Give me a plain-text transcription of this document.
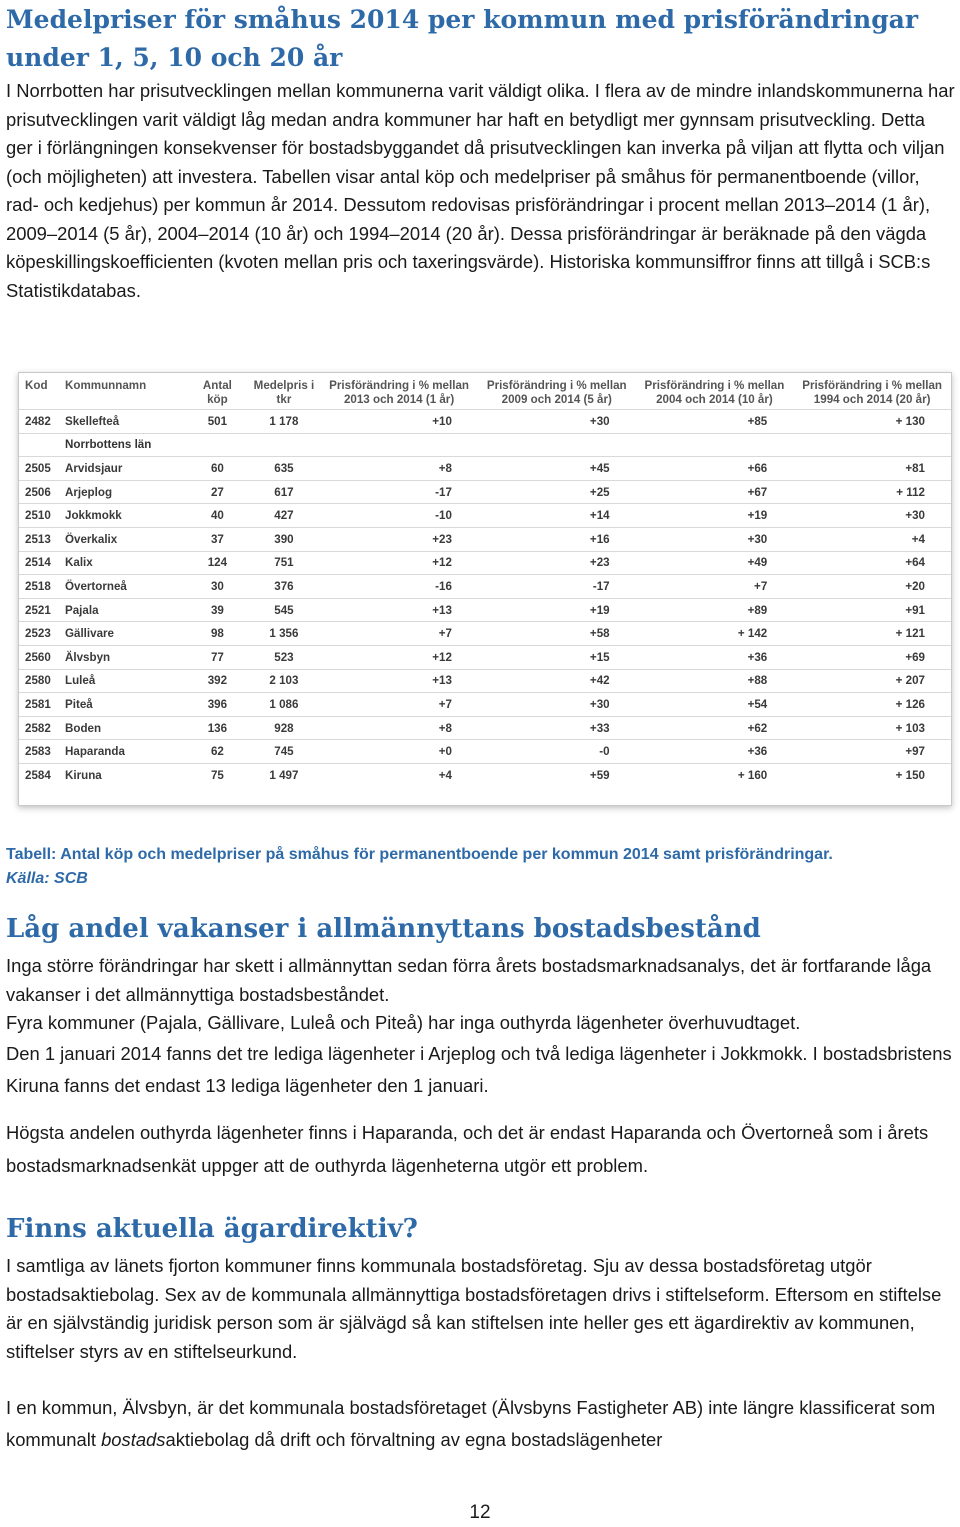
Medelpriser för småhus 2014 per kommun med prisförändringar under 1, 5, 10 och 20 år

I Norrbotten har prisutvecklingen mellan kommunerna varit väldigt olika. I flera av de mindre inlandskommunerna har prisutvecklingen varit väldigt låg medan andra kommuner har haft en betydligt mer gynnsam prisutveckling. Detta ger i förlängningen konsekvenser för bostadsbyggandet då prisutvecklingen kan inverka på viljan att flytta och viljan (och möjligheten) att investera. Tabellen visar antal köp och medelpriser på småhus för permanentboende (villor, rad- och kedjehus) per kommun år 2014. Dessutom redovisas prisförändringar i procent mellan 2013–2014 (1 år), 2009–2014 (5 år), 2004–2014 (10 år) och 1994–2014 (20 år). Dessa prisförändringar är beräknade på den vägda köpeskillingskoefficienten (kvoten mellan pris och taxeringsvärde). Historiska kommunsiffror finns att tillgå i SCB:s Statistikdatabas.

Kod	Kommunnamn	Antal köp	Medelpris i tkr	Prisförändring i % mellan 2013 och 2014 (1 år)	Prisförändring i % mellan 2009 och 2014 (5 år)	Prisförändring i % mellan 2004 och 2014 (10 år)	Prisförändring i % mellan 1994 och 2014 (20 år)
2482	Skellefteå	501	1 178	+10	+30	+85	+ 130
	Norrbottens län						
2505	Arvidsjaur	60	635	+8	+45	+66	+81
2506	Arjeplog	27	617	-17	+25	+67	+ 112
2510	Jokkmokk	40	427	-10	+14	+19	+30
2513	Överkalix	37	390	+23	+16	+30	+4
2514	Kalix	124	751	+12	+23	+49	+64
2518	Övertorneå	30	376	-16	-17	+7	+20
2521	Pajala	39	545	+13	+19	+89	+91
2523	Gällivare	98	1 356	+7	+58	+ 142	+ 121
2560	Älvsbyn	77	523	+12	+15	+36	+69
2580	Luleå	392	2 103	+13	+42	+88	+ 207
2581	Piteå	396	1 086	+7	+30	+54	+ 126
2582	Boden	136	928	+8	+33	+62	+ 103
2583	Haparanda	62	745	+0	-0	+36	+97
2584	Kiruna	75	1 497	+4	+59	+ 160	+ 150
Tabell: Antal köp och medelpriser på småhus för permanentboende per kommun 2014 samt prisförändringar.
Källa: SCB
Låg andel vakanser i allmännyttans bostadsbestånd

Inga större förändringar har skett i allmännyttan sedan förra årets bostadsmarknadsanalys, det är fortfarande låga vakanser i det allmännyttiga bostadsbeståndet.

Fyra kommuner (Pajala, Gällivare, Luleå och Piteå) har inga outhyrda lägenheter överhuvudtaget.

Den 1 januari 2014 fanns det tre lediga lägenheter i Arjeplog och två lediga lägenheter i Jokkmokk. I bostadsbristens Kiruna fanns det endast 13 lediga lägenheter den 1 januari.

Högsta andelen outhyrda lägenheter finns i Haparanda, och det är endast Haparanda och Övertorneå som i årets bostadsmarknadsenkät uppger att de outhyrda lägenheterna utgör ett problem.

Finns aktuella ägardirektiv?

I samtliga av länets fjorton kommuner finns kommunala bostadsföretag. Sju av dessa bostadsföretag utgör bostadsaktiebolag. Sex av de kommunala allmännyttiga bostadsföretagen drivs i stiftelseform. Eftersom en stiftelse är en självständig juridisk person som är självägd så kan stiftelsen inte heller ges ett ägardirektiv av kommunen, stiftelser styrs av en stiftelseurkund.

I en kommun, Älvsbyn, är det kommunala bostadsföretaget (Älvsbyns Fastigheter AB) inte längre klassificerat som kommunalt bostadsaktiebolag då drift och förvaltning av egna bostadslägenheter

12
